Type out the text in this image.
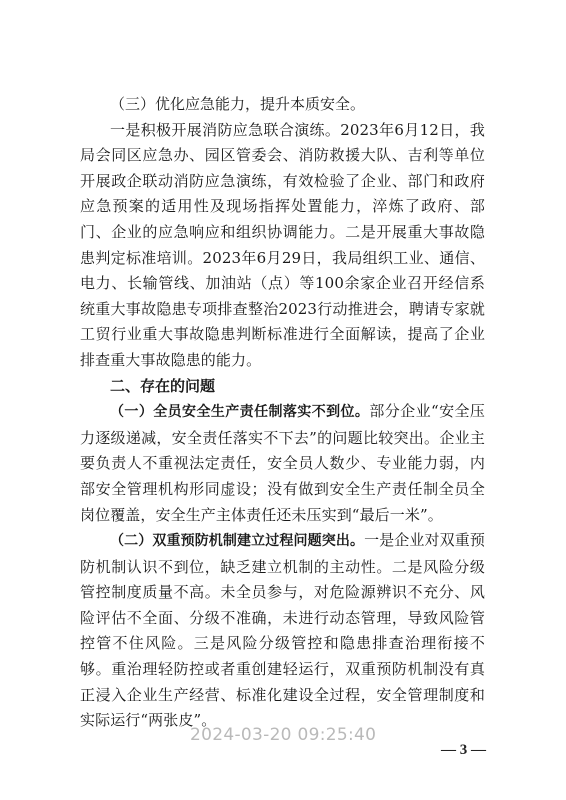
（三）优化应急能力，提升本质安全。

一是积极开展消防应急联合演练。2023年6月12日，我局会同区应急办、园区管委会、消防救援大队、吉利等单位开展政企联动消防应急演练，有效检验了企业、部门和政府应急预案的适用性及现场指挥处置能力，淬炼了政府、部门、企业的应急响应和组织协调能力。二是开展重大事故隐患判定标准培训。2023年6月29日，我局组织工业、通信、电力、长输管线、加油站（点）等100余家企业召开经信系统重大事故隐患专项排查整治2023行动推进会，聘请专家就工贸行业重大事故隐患判断标准进行全面解读，提高了企业排查重大事故隐患的能力。

二、存在的问题

（一）全员安全生产责任制落实不到位。部分企业“安全压力逐级递减，安全责任落实不下去”的问题比较突出。企业主要负责人不重视法定责任，安全员人数少、专业能力弱，内部安全管理机构形同虚设；没有做到安全生产责任制全员全岗位覆盖，安全生产主体责任还未压实到“最后一米”。

（二）双重预防机制建立过程问题突出。一是企业对双重预防机制认识不到位，缺乏建立机制的主动性。二是风险分级管控制度质量不高。未全员参与，对危险源辨识不充分、风险评估不全面、分级不准确，未进行动态管理，导致风险管控管不住风险。三是风险分级管控和隐患排查治理衔接不够。重治理轻防控或者重创建轻运行，双重预防机制没有真正浸入企业生产经营、标准化建设全过程，安全管理制度和实际运行“两张皮”。

2024-03-20 09:25:40
— 3 —
